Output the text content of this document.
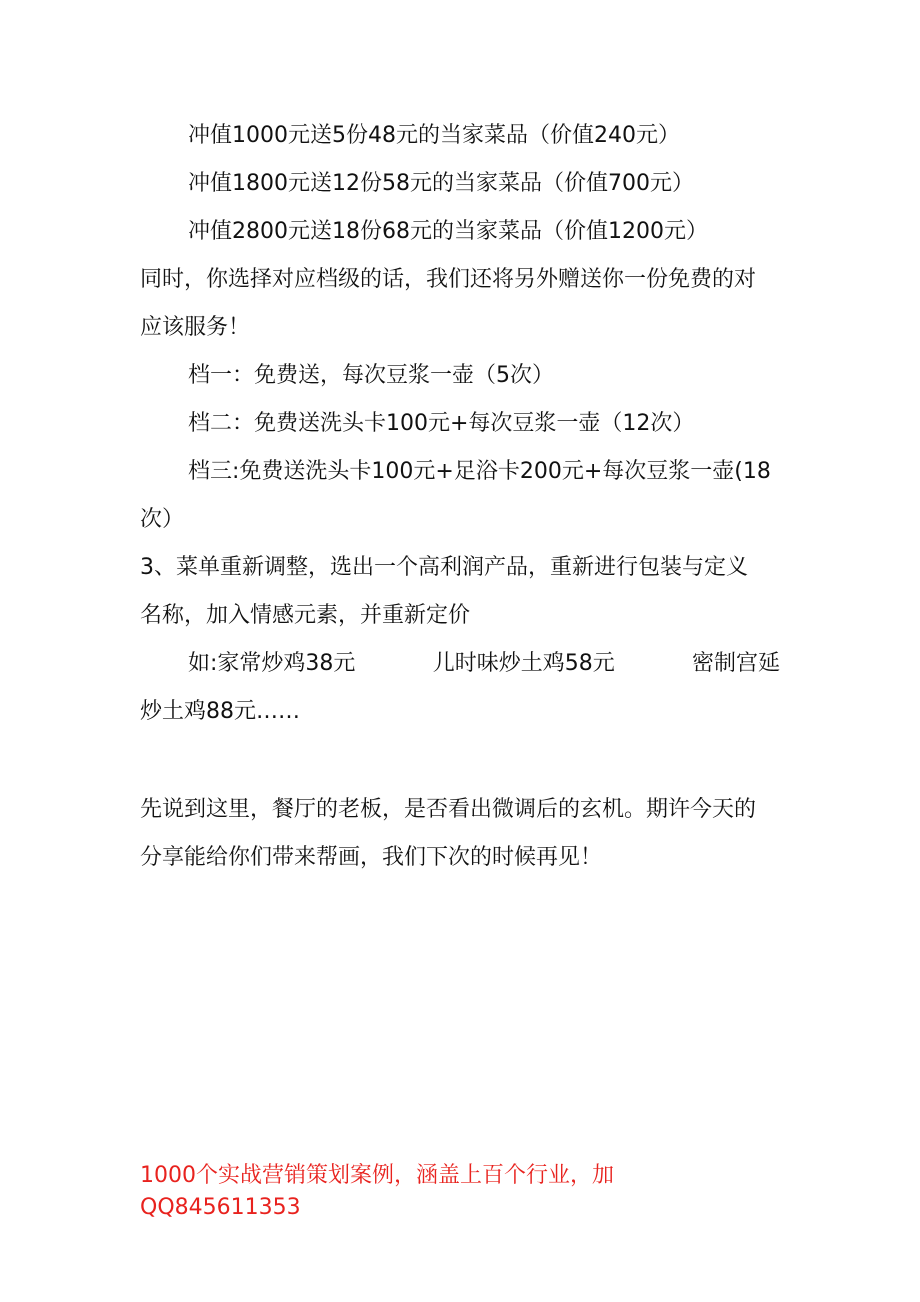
冲值1000元送5份48元的当家菜品（价值240元）
冲值1800元送12份58元的当家菜品（价值700元）
冲值2800元送18份68元的当家菜品（价值1200元）
同时，你选择对应档级的话，我们还将另外赠送你一份免费的对
应该服务！
档一：免费送，每次豆浆一壶（5次）
档二：免费送洗头卡100元+每次豆浆一壶（12次）
档三:免费送洗头卡100元+足浴卡200元+每次豆浆一壶(18
次）
3、菜单重新调整，选出一个高利润产品，重新进行包装与定义
名称，加入情感元素，并重新定价
如:家常炒鸡38元	儿时味炒土鸡58元	密制宫延
炒土鸡88元……
先说到这里，餐厅的老板，是否看出微调后的玄机。期许今天的
分享能给你们带来帮画，我们下次的时候再见！
1000个实战营销策划案例，涵盖上百个行业，加
QQ845611353
